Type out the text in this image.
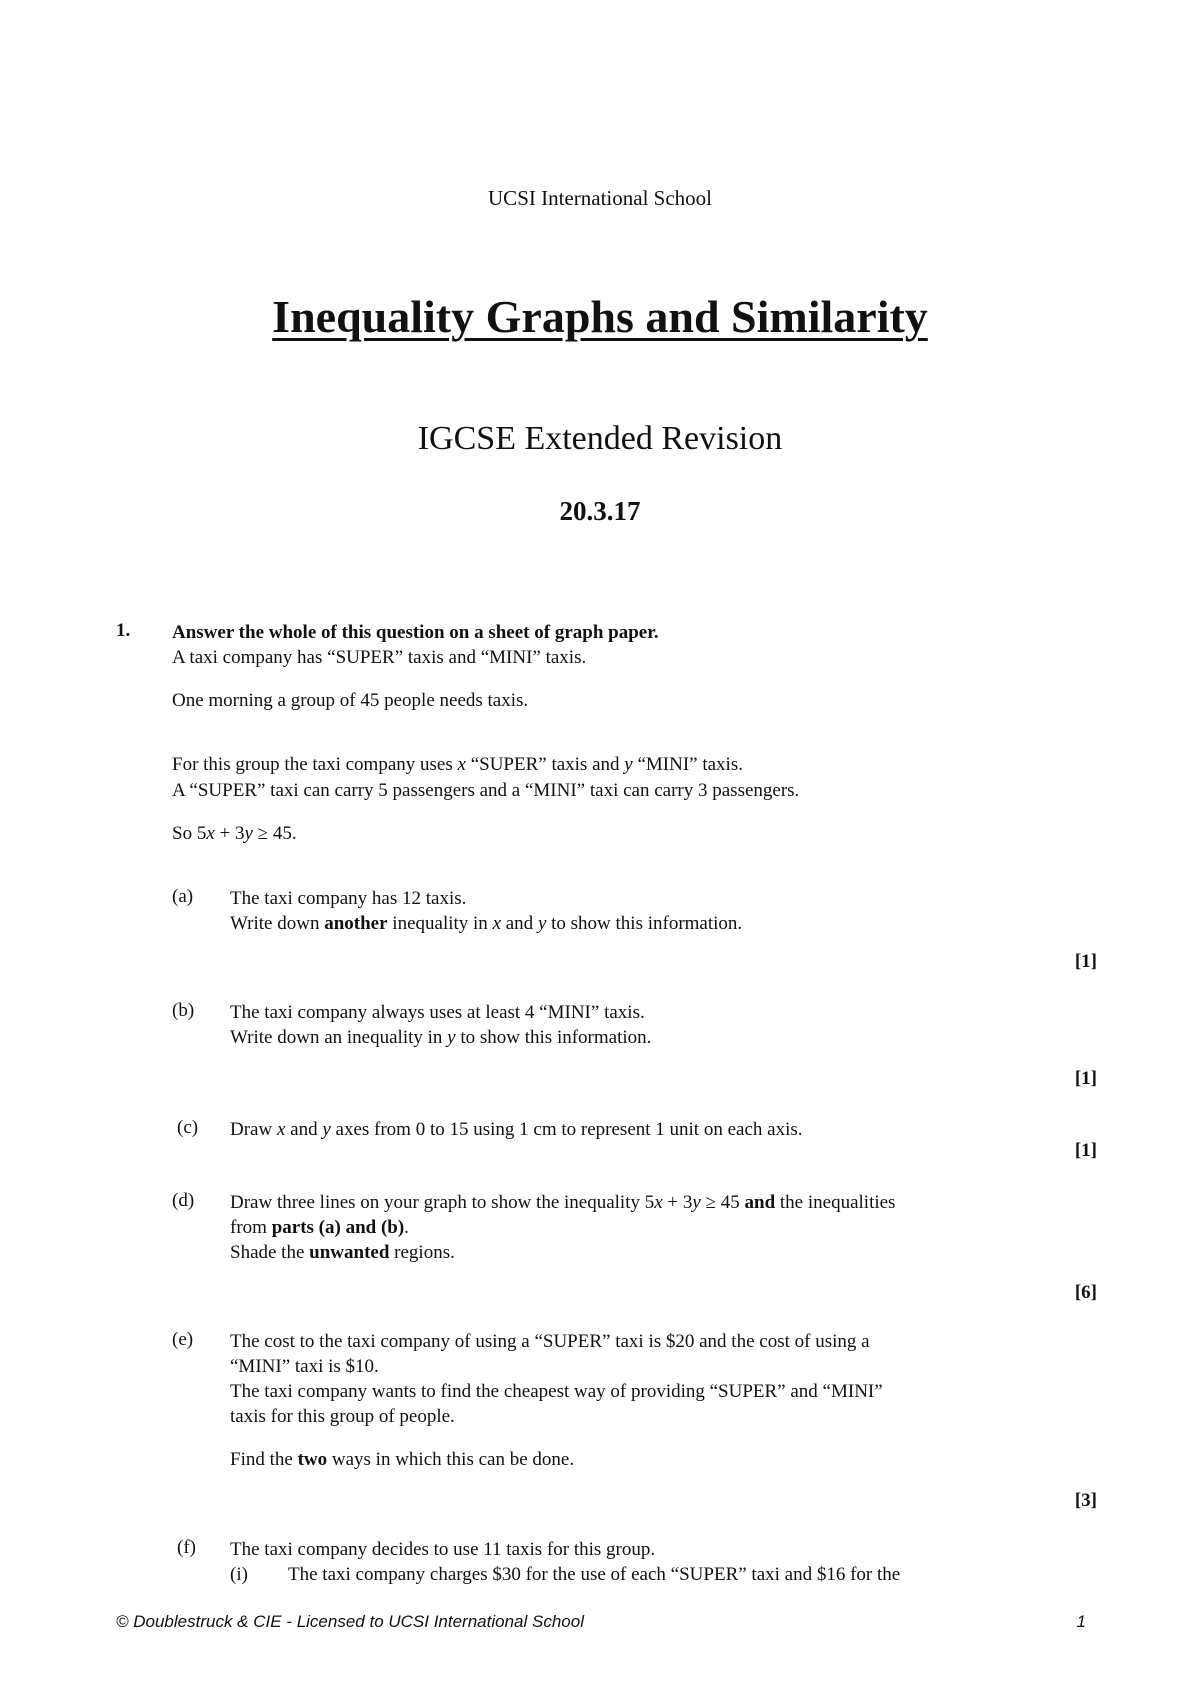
UCSI International School
Inequality Graphs and Similarity
IGCSE Extended Revision
20.3.17
1. Answer the whole of this question on a sheet of graph paper.
A taxi company has “SUPER” taxis and “MINI” taxis.
One morning a group of 45 people needs taxis.
For this group the taxi company uses x “SUPER” taxis and y “MINI” taxis.
A “SUPER” taxi can carry 5 passengers and a “MINI” taxi can carry 3 passengers.
So 5x + 3y ≥ 45.
(a) The taxi company has 12 taxis.
Write down another inequality in x and y to show this information.
[1]
(b) The taxi company always uses at least 4 “MINI” taxis.
Write down an inequality in y to show this information.
[1]
(c) Draw x and y axes from 0 to 15 using 1 cm to represent 1 unit on each axis.
[1]
(d) Draw three lines on your graph to show the inequality 5x + 3y ≥ 45 and the inequalities
from parts (a) and (b).
Shade the unwanted regions.
[6]
(e) The cost to the taxi company of using a “SUPER” taxi is $20 and the cost of using a
“MINI” taxi is $10.
The taxi company wants to find the cheapest way of providing “SUPER” and “MINI”
taxis for this group of people.
Find the two ways in which this can be done.
[3]
(f) The taxi company decides to use 11 taxis for this group.
(i) The taxi company charges $30 for the use of each “SUPER” taxi and $16 for the
© Doublestruck & CIE - Licensed to UCSI International School	1
